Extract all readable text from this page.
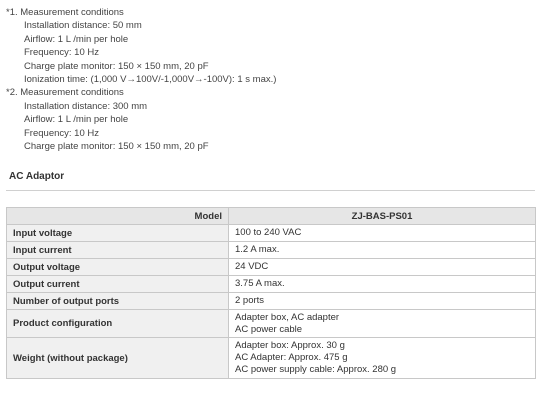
*1. Measurement conditions
Installation distance: 50 mm
Airflow: 1 L /min per hole
Frequency: 10 Hz
Charge plate monitor: 150 × 150 mm, 20 pF
Ionization time: (1,000 V→100V/-1,000V→-100V): 1 s max.)
*2. Measurement conditions
Installation distance: 300 mm
Airflow: 1 L /min per hole
Frequency: 10 Hz
Charge plate monitor: 150 × 150 mm, 20 pF
AC Adaptor
Model	ZJ-BAS-PS01
Input voltage	100 to 240 VAC

Input current	1.2 A max.

Output voltage	24 VDC

Output current	3.75 A max.

Number of output ports	2 ports

Product configuration	Adapter box, AC adapter
AC power cable

Weight (without package)	Adapter box: Approx. 30 g
AC Adapter: Approx. 475 g
AC power supply cable: Approx. 280 g
